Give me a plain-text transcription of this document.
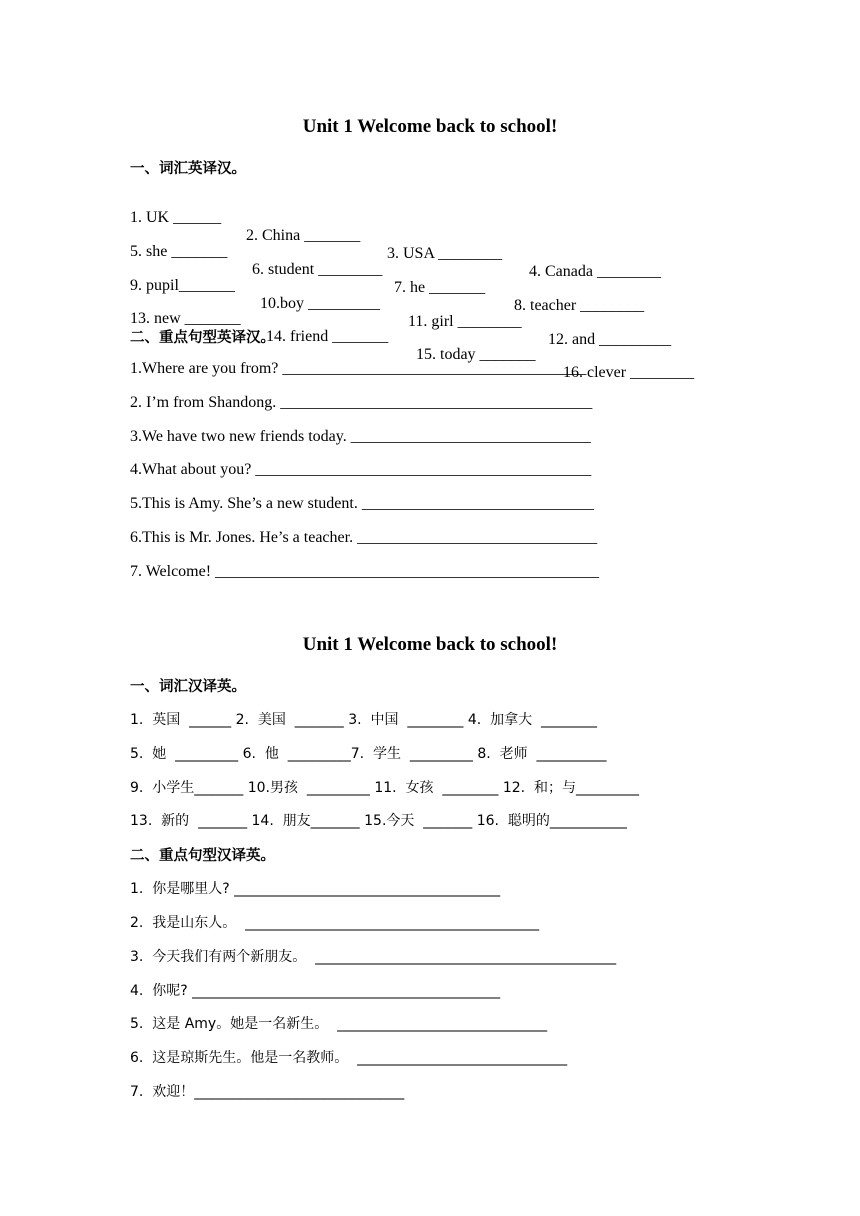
Unit 1 Welcome back to school!
一、词汇英译汉。

1. UK ______

2. China _______

3. USA ________

4. Canada ________

5. she _______

6. student ________

7. he _______

8. teacher ________

9. pupil_______

10.boy _________

11. girl ________

12. and _________

13. new _______

14. friend _______

15. today _______

16. clever ________

二、重点句型英译汉。
1.Where are you from? ______________________________________
2. I’m from Shandong. _______________________________________
3.We have two new friends today. ______________________________
4.What about you? __________________________________________
5.This is Amy. She’s a new student. _____________________________
6.This is Mr. Jones. He’s a teacher. ______________________________
7. Welcome! ________________________________________________
Unit 1 Welcome back to school!
一、词汇汉译英。
1.  英国  ______ 2.  美国  _______ 3.  中国  ________ 4.  加拿大  ________
5.  她  _________ 6.  他  _________7.  学生  _________ 8.  老师  __________
9.  小学生_______ 10.男孩  _________ 11.  女孩  ________ 12.  和；与_________
13.  新的  _______ 14.  朋友_______ 15.今天  _______ 16.  聪明的___________
二、重点句型汉译英。
1.  你是哪里人? ______________________________________
2.  我是山东人。  __________________________________________
3.  今天我们有两个新朋友。  ___________________________________________
4.  你呢? ____________________________________________
5.  这是 Amy。她是一名新生。  ______________________________
6.  这是琼斯先生。他是一名教师。  ______________________________
7.  欢迎！______________________________
